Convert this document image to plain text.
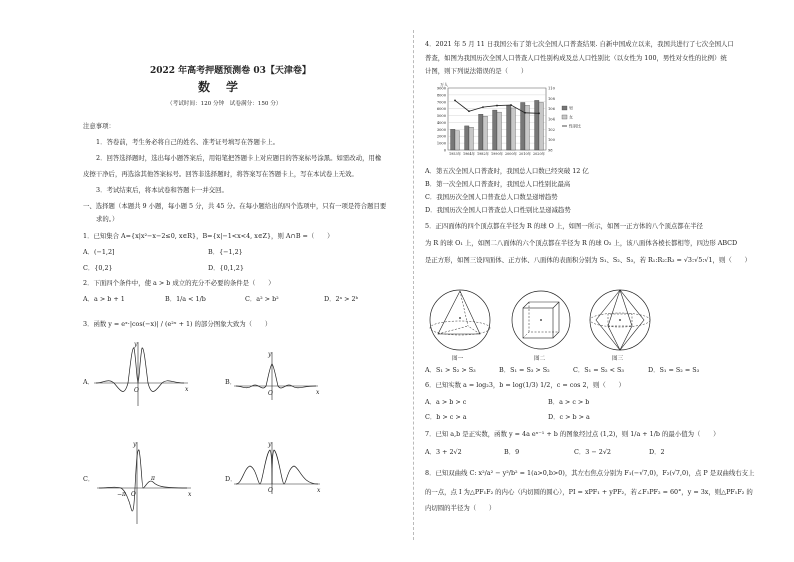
2022 年高考押题预测卷 03【天津卷】
数　学
（考试时间：120 分钟　试卷满分：150 分）
注意事项：
1．答卷前，考生务必将自己的姓名、准考证号填写在答题卡上。
2．回答选择题时，选出每小题答案后，用铅笔把答题卡上对应题目的答案标号涂黑。如需改动，用橡
皮擦干净后，再选涂其他答案标号。回答非选择题时，将答案写在答题卡上，写在本试卷上无效。
3．考试结束后，将本试卷和答题卡一并交回。
一、选择题（本题共 9 小题，每小题 5 分，共 45 分。在每小题给出的四个选项中，只有一项是符合题目要
求的。）
1．已知集合 A={x|x²−x−2≤0, x∈R}，B={x|−1<x<4, x∈Z}，则 A∩B =（　　）
A．(−1,2]	B．{−1,2}
C．{0,2}	D．{0,1,2}
2．下面四个条件中，使 a > b 成立的充分不必要的条件是（　　）
A．a > b + 1	B．1/a < 1/b	C．a² > b²	D．2ᵃ > 2ᵇ
3．函数 y = eˣ·|cos(−x)| / (e²ˣ + 1) 的部分图象大致为（　　）
A．
y
x
O
B．
y
x
O
C．
y
x
−π O
π	D．
y
x
O
4．2021 年 5 月 11 日我国公布了第七次全国人口普查结果. 自新中国成立以来，我国共进行了七次全国人口
普查，如图为我国历次全国人口普查人口性别构成及总人口性别比（以女性为 100，男性对女性的比例）统
计图，则下列说法错误的是（　　）
0
1000
2000
3000
4000
5000
6000
7000
8000
9000
98
100
102
104
106
108
110
万人
1953年 1964年 1982年 1990年 2000年 2010年 2020年
男
女
性别比
A．第五次全国人口普查时，我国总人口数已经突破 12 亿
B．第一次全国人口普查时，我国总人口性别比最高
C．我国历次全国人口普查总人口数呈递增趋势
D．我国历次全国人口普查总人口性别比呈递减趋势
5．正四面体的四个顶点都在半径为 R 的球 O 上，如图一所示，如图一正方体的八个顶点都在半径
为 R 的球 O₁ 上，如图二八面体的六个顶点都在半径为 R 的球 O₂ 上，该八面体各棱长都相等，四边形 ABCD
是正方形，如图三设四面体、正方体、八面体的表面积分别为 S₁、S₂、S₃，若 R₁:R₂:R₃ = √3:√5:√1，则（　　）
图一	图二	图三
A．S₁ > S₂ > S₃	B．S₁ = S₃ > S₂	C．S₁ = S₂ < S₃	D．S₁ = S₂ = S₃
6．已知实数 a = log₂3，b = log(1/3) 1/2，c = cos 2，则（　　）
A．a > b > c	B．a > c > b
C．b > c > a	D．c > b > a
7．已知 a,b 是正实数，函数 y = 4a eˣ⁻¹ + b 的图象经过点 (1,2)，则 1/a + 1/b 的最小值为（　　）
A．3 + 2√2	B．9	C．3 − 2√2	D．2
8．已知双曲线 C: x²/a² − y²/b² = 1(a>0,b>0)，其左右焦点分别为 F₁(−√7,0)，F₂(√7,0)，点 P 是双曲线右支上
的一点，点 I 为△PF₁F₂ 的内心（内切圆的圆心），PI = xPF₁ + yPF₂，若∠F₁PF₂ = 60°，y = 3x，则△PF₁F₂ 的
内切圆的半径为（　　）
